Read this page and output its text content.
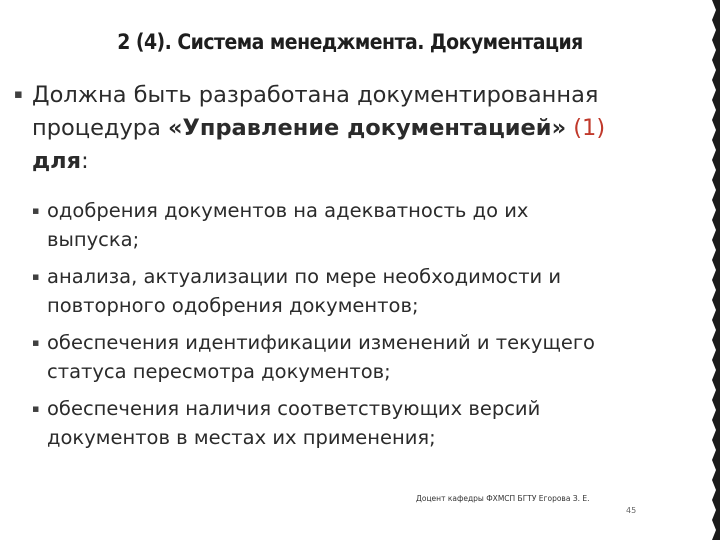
2 (4). Система менеджмента. Документация
▪ Должна быть разработана документированная
процедура «Управление документацией» (1)
для:
▪ одобрения документов на адекватность до их
выпуска;
▪ анализа, актуализации по мере необходимости и
повторного одобрения документов;
▪ обеспечения идентификации изменений и текущего
статуса пересмотра документов;
▪ обеспечения наличия соответствующих версий
документов в местах их применения;
Доцент кафедры ФХМСП БГТУ Егорова З. Е.
45
